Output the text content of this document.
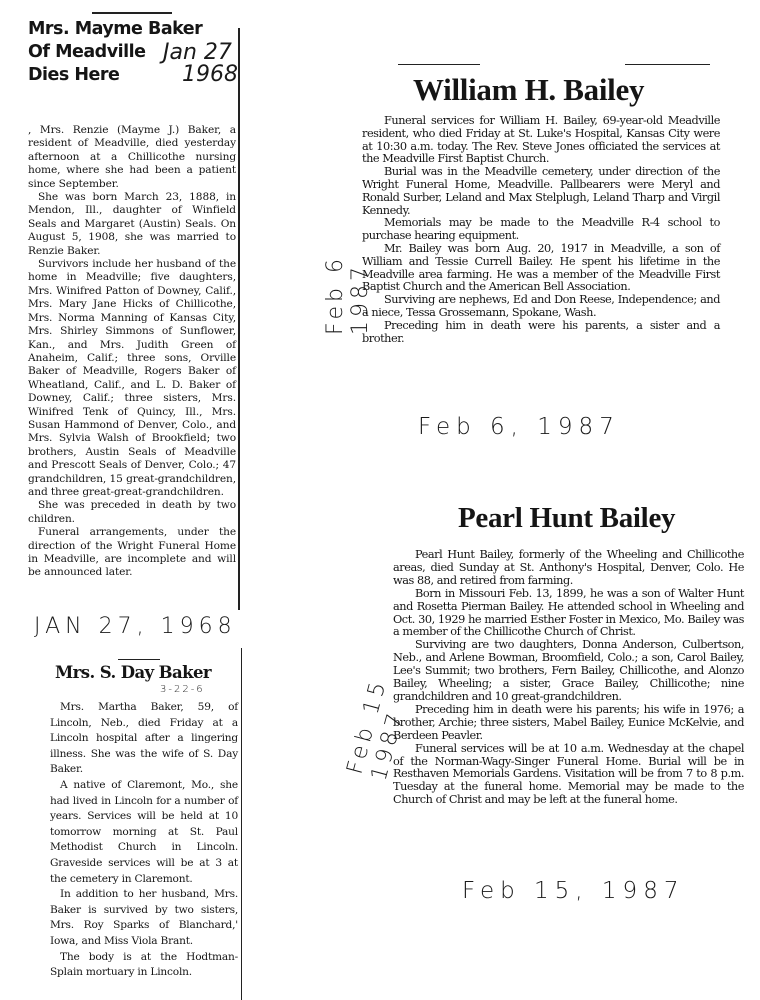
Mrs. Mayme Baker
Of Meadville
Dies Here
Jan 27
1968

, Mrs. Renzie (Mayme J.) Baker, a resident of Meadville, died yesterday afternoon at a Chillicothe nursing home, where she had been a patient since September.

She was born March 23, 1888, in Mendon, Ill., daughter of Winfield Seals and Margaret (Austin) Seals. On August 5, 1908, she was married to Renzie Baker.

Survivors include her husband of the home in Meadville; five daughters, Mrs. Winifred Patton of Downey, Calif., Mrs. Mary Jane Hicks of Chillicothe, Mrs. Norma Manning of Kansas City, Mrs. Shirley Simmons of Sunflower, Kan., and Mrs. Judith Green of Anaheim, Calif.; three sons, Orville Baker of Meadville, Rogers Baker of Wheatland, Calif., and L. D. Baker of Downey, Calif.; three sisters, Mrs. Winifred Tenk of Quincy, Ill., Mrs. Susan Hammond of Denver, Colo., and Mrs. Sylvia Walsh of Brookfield; two brothers, Austin Seals of Meadville and Prescott Seals of Denver, Colo.; 47 grandchildren, 15 great-grandchildren, and three great-great-grandchildren.

She was preceded in death by two children.

Funeral arrangements, under the direction of the Wright Funeral Home in Meadville, are incomplete and will be announced later.

JAN 27, 1968
Mrs. S. Day Baker
3-22-6

Mrs. Martha Baker, 59, of Lincoln, Neb., died Friday at a Lincoln hospital after a lingering illness. She was the wife of S. Day Baker.

A native of Claremont, Mo., she had lived in Lincoln for a number of years. Services will be held at 10 tomorrow morning at St. Paul Methodist Church in Lincoln. Graveside services will be at 3 at the cemetery in Claremont.

In addition to her husband, Mrs. Baker is survived by two sisters, Mrs. Roy Sparks of Blanchard,' Iowa, and Miss Viola Brant.

The body is at the Hodtman-Splain mortuary in Lincoln.

William H. Bailey
Feb 6 1987

Funeral services for William H. Bailey, 69-year-old Meadville resident, who died Friday at St. Luke's Hospital, Kansas City were at 10:30 a.m. today. The Rev. Steve Jones officiated the services at the Meadville First Baptist Church.

Burial was in the Meadville cemetery, under direction of the Wright Funeral Home, Meadville. Pallbearers were Meryl and Ronald Surber, Leland and Max Stelplugh, Leland Tharp and Virgil Kennedy.

Memorials may be made to the Meadville R-4 school to purchase hearing equipment.

Mr. Bailey was born Aug. 20, 1917 in Meadville, a son of William and Tessie Currell Bailey. He spent his lifetime in the Meadville area farming. He was a member of the Meadville First Baptist Church and the American Bell Association.

Surviving are nephews, Ed and Don Reese, Independence; and a niece, Tessa Grossemann, Spokane, Wash.

Preceding him in death were his parents, a sister and a brother.

Feb 6, 1987
Pearl Hunt Bailey
Feb 15 1987

Pearl Hunt Bailey, formerly of the Wheeling and Chillicothe areas, died Sunday at St. Anthony's Hospital, Denver, Colo. He was 88, and retired from farming.

Born in Missouri Feb. 13, 1899, he was a son of Walter Hunt and Rosetta Pierman Bailey. He attended school in Wheeling and Oct. 30, 1929 he married Esther Foster in Mexico, Mo. Bailey was a member of the Chillicothe Church of Christ.

Surviving are two daughters, Donna Anderson, Culbertson, Neb., and Arlene Bowman, Broomfield, Colo.; a son, Carol Bailey, Lee's Summit; two brothers, Fern Bailey, Chillicothe, and Alonzo Bailey, Wheeling; a sister, Grace Bailey, Chillicothe; nine grandchildren and 10 great-grandchildren.

Preceding him in death were his parents; his wife in 1976; a brother, Archie; three sisters, Mabel Bailey, Eunice McKelvie, and Berdeen Peavler.

Funeral services will be at 10 a.m. Wednesday at the chapel of the Norman-Wagy-Singer Funeral Home. Burial will be in Resthaven Memorials Gardens. Visitation will be from 7 to 8 p.m. Tuesday at the funeral home. Memorial may be made to the Church of Christ and may be left at the funeral home.

Feb 15, 1987
